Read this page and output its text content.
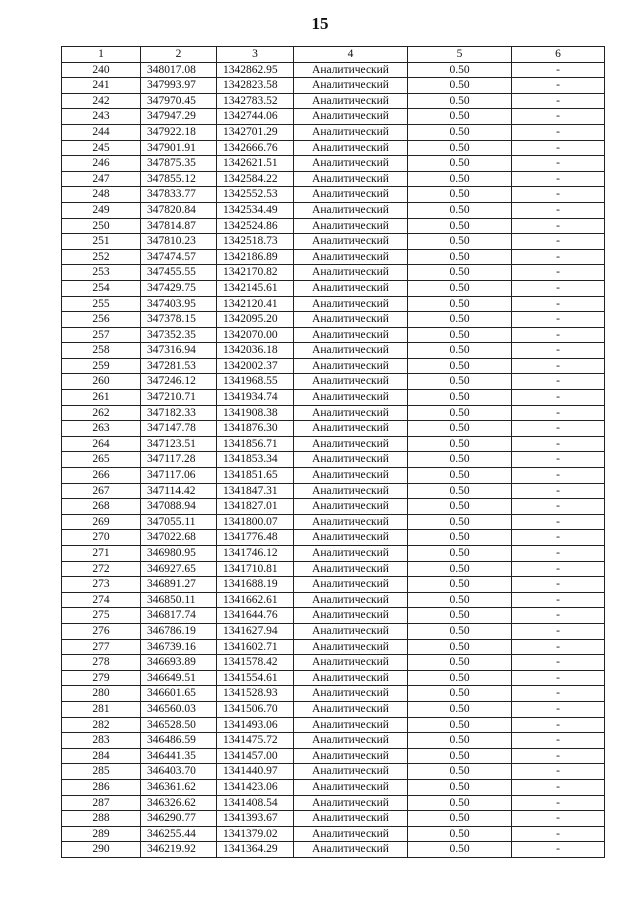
15
1	2	3	4	5	6
240	348017.08	1342862.95	Аналитический	0.50	-
241	347993.97	1342823.58	Аналитический	0.50	-
242	347970.45	1342783.52	Аналитический	0.50	-
243	347947.29	1342744.06	Аналитический	0.50	-
244	347922.18	1342701.29	Аналитический	0.50	-
245	347901.91	1342666.76	Аналитический	0.50	-
246	347875.35	1342621.51	Аналитический	0.50	-
247	347855.12	1342584.22	Аналитический	0.50	-
248	347833.77	1342552.53	Аналитический	0.50	-
249	347820.84	1342534.49	Аналитический	0.50	-
250	347814.87	1342524.86	Аналитический	0.50	-
251	347810.23	1342518.73	Аналитический	0.50	-
252	347474.57	1342186.89	Аналитический	0.50	-
253	347455.55	1342170.82	Аналитический	0.50	-
254	347429.75	1342145.61	Аналитический	0.50	-
255	347403.95	1342120.41	Аналитический	0.50	-
256	347378.15	1342095.20	Аналитический	0.50	-
257	347352.35	1342070.00	Аналитический	0.50	-
258	347316.94	1342036.18	Аналитический	0.50	-
259	347281.53	1342002.37	Аналитический	0.50	-
260	347246.12	1341968.55	Аналитический	0.50	-
261	347210.71	1341934.74	Аналитический	0.50	-
262	347182.33	1341908.38	Аналитический	0.50	-
263	347147.78	1341876.30	Аналитический	0.50	-
264	347123.51	1341856.71	Аналитический	0.50	-
265	347117.28	1341853.34	Аналитический	0.50	-
266	347117.06	1341851.65	Аналитический	0.50	-
267	347114.42	1341847.31	Аналитический	0.50	-
268	347088.94	1341827.01	Аналитический	0.50	-
269	347055.11	1341800.07	Аналитический	0.50	-
270	347022.68	1341776.48	Аналитический	0.50	-
271	346980.95	1341746.12	Аналитический	0.50	-
272	346927.65	1341710.81	Аналитический	0.50	-
273	346891.27	1341688.19	Аналитический	0.50	-
274	346850.11	1341662.61	Аналитический	0.50	-
275	346817.74	1341644.76	Аналитический	0.50	-
276	346786.19	1341627.94	Аналитический	0.50	-
277	346739.16	1341602.71	Аналитический	0.50	-
278	346693.89	1341578.42	Аналитический	0.50	-
279	346649.51	1341554.61	Аналитический	0.50	-
280	346601.65	1341528.93	Аналитический	0.50	-
281	346560.03	1341506.70	Аналитический	0.50	-
282	346528.50	1341493.06	Аналитический	0.50	-
283	346486.59	1341475.72	Аналитический	0.50	-
284	346441.35	1341457.00	Аналитический	0.50	-
285	346403.70	1341440.97	Аналитический	0.50	-
286	346361.62	1341423.06	Аналитический	0.50	-
287	346326.62	1341408.54	Аналитический	0.50	-
288	346290.77	1341393.67	Аналитический	0.50	-
289	346255.44	1341379.02	Аналитический	0.50	-
290	346219.92	1341364.29	Аналитический	0.50	-
